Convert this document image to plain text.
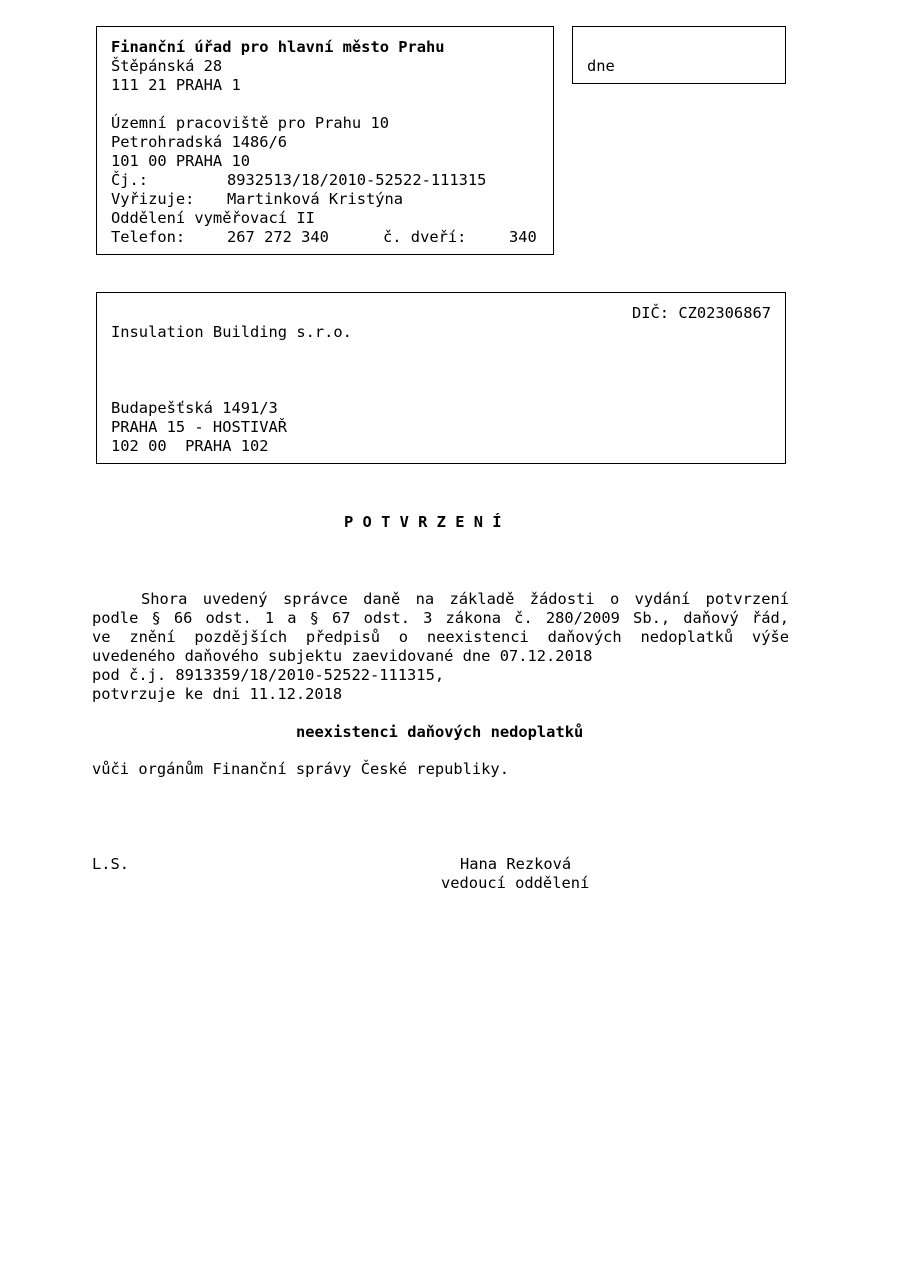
Finanční úřad pro hlavní město Prahu
Štěpánská 28
111 21 PRAHA 1
Územní pracoviště pro Prahu 10
Petrohradská 1486/6
101 00 PRAHA 10
Čj.:	8932513/18/2010-52522-111315
Vyřizuje: Martinková Kristýna
Oddělení vyměřovací II
Telefon:	267 272 340	č. dveří:	340
dne
DIČ: CZ02306867
Insulation Building s.r.o.
Budapešťská 1491/3
PRAHA 15 - HOSTIVAŘ
102 00  PRAHA 102
P O T V R Z E N Í
Shora uvedený správce daně na základě žádosti o vydání potvrzení
podle § 66 odst. 1 a § 67 odst. 3 zákona č. 280/2009 Sb., daňový řád,
ve znění pozdějších předpisů o neexistenci daňových nedoplatků výše
uvedeného daňového subjektu zaevidované dne 07.12.2018
pod č.j. 8913359/18/2010-52522-111315,
potvrzuje ke dni 11.12.2018
neexistenci daňových nedoplatků
vůči orgánům Finanční správy České republiky.
L.S.	Hana Rezková
vedoucí oddělení
